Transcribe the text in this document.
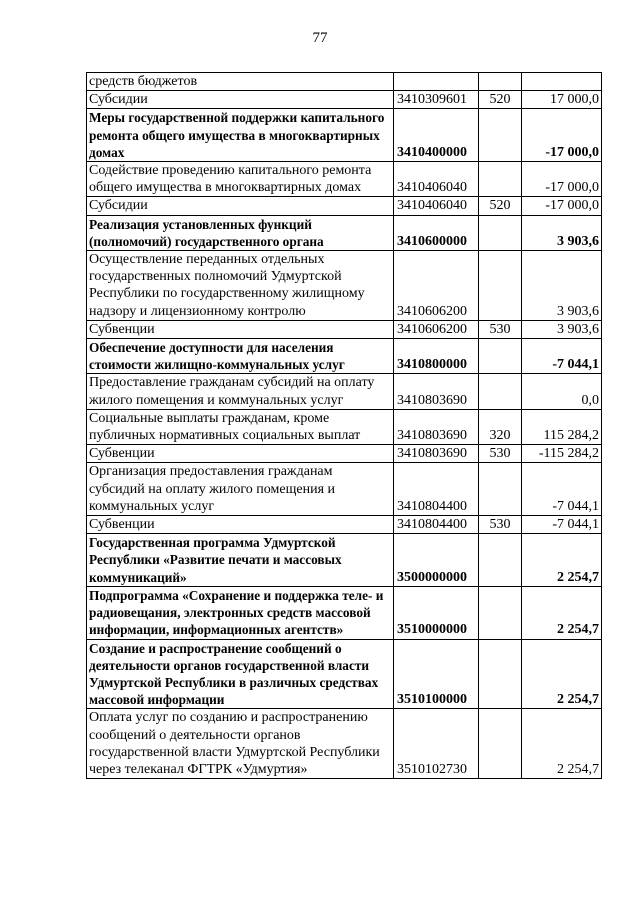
77
средств бюджетов			
Субсидии	3410309601	520	17 000,0
Меры государственной поддержки капитального ремонта общего имущества в многоквартирных домах	3410400000		-17 000,0
Содействие проведению капитального ремонта общего имущества в многоквартирных домах	3410406040		-17 000,0
Субсидии	3410406040	520	-17 000,0
Реализация установленных функций (полномочий) государственного органа	3410600000		3 903,6
Осуществление переданных отдельных государственных полномочий Удмуртской Республики по государственному жилищному надзору и лицензионному контролю	3410606200		3 903,6
Субвенции	3410606200	530	3 903,6
Обеспечение доступности для населения стоимости жилищно-коммунальных услуг	3410800000		-7 044,1
Предоставление гражданам субсидий на оплату жилого помещения и коммунальных услуг	3410803690		0,0
Социальные выплаты гражданам, кроме публичных нормативных социальных выплат	3410803690	320	115 284,2
Субвенции	3410803690	530	-115 284,2
Организация предоставления гражданам субсидий на оплату жилого помещения и коммунальных услуг	3410804400		-7 044,1
Субвенции	3410804400	530	-7 044,1
Государственная программа Удмуртской Республики «Развитие печати и массовых коммуникаций»	3500000000		2 254,7
Подпрограмма «Сохранение и поддержка теле- и радиовещания, электронных средств массовой информации, информационных агентств»	3510000000		2 254,7
Создание и распространение сообщений о деятельности органов государственной власти Удмуртской Республики в различных средствах массовой информации	3510100000		2 254,7
Оплата услуг по созданию и распространению сообщений о деятельности органов государственной власти Удмуртской Республики через телеканал ФГТРК «Удмуртия»	3510102730		2 254,7
